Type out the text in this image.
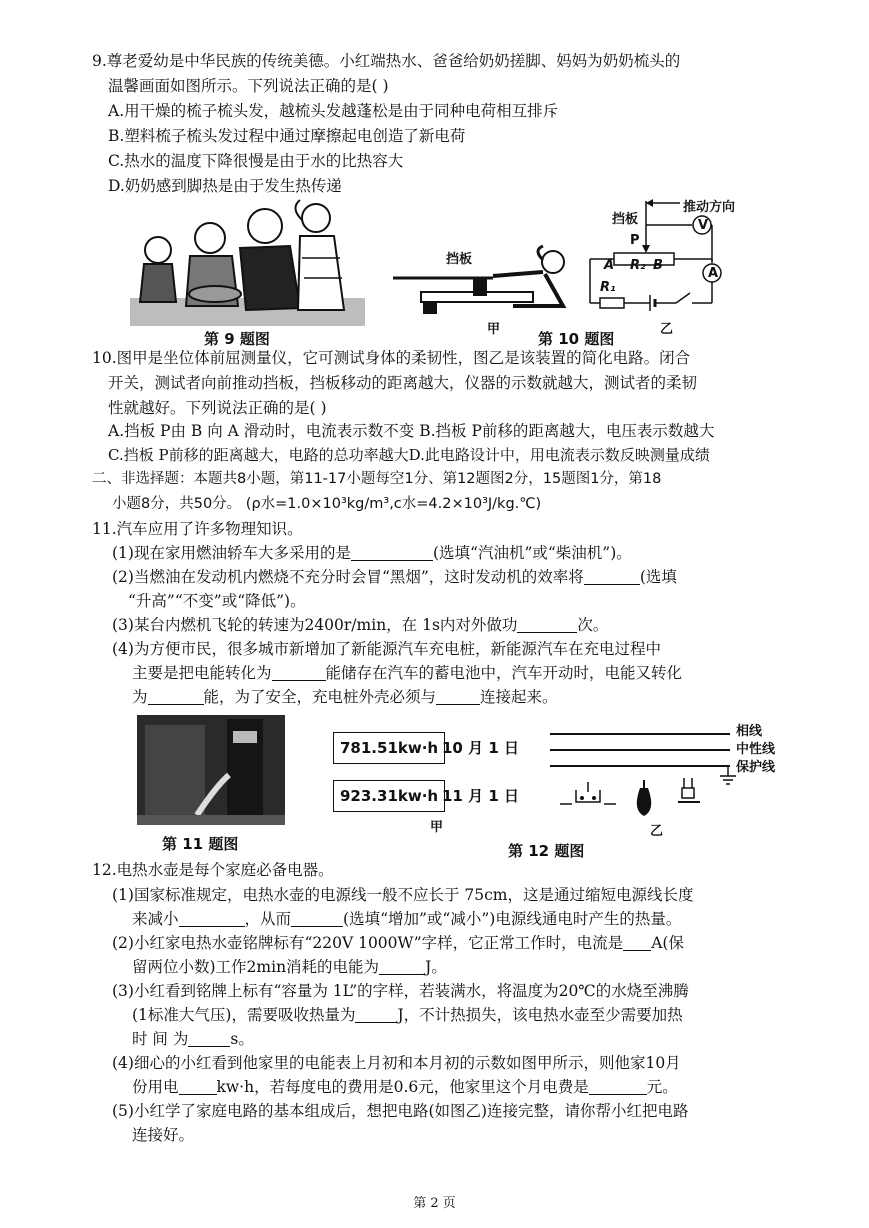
9.尊老爱幼是中华民族的传统美德。小红端热水、爸爸给奶奶搓脚、妈妈为奶奶梳头的
温馨画面如图所示。下列说法正确的是( )
A.用干燥的梳子梳头发，越梳头发越蓬松是由于同种电荷相互排斥
B.塑料梳子梳头发过程中通过摩擦起电创造了新电荷
C.热水的温度下降很慢是由于水的比热容大
D.奶奶感到脚热是由于发生热传递
第 9 题图
挡板
甲
第 10 题图
乙
挡板
推动方向
P
A R₂ B
R₁
V
A
10.图甲是坐位体前屈测量仪，它可测试身体的柔韧性，图乙是该装置的简化电路。闭合
开关，测试者向前推动挡板，挡板移动的距离越大，仪器的示数就越大，测试者的柔韧
性就越好。下列说法正确的是( )
A.挡板 P由 B 向 A 滑动时，电流表示数不变 B.挡板 P前移的距离越大，电压表示数越大
C.挡板 P前移的距离越大，电路的总功率越大D.此电路设计中，用电流表示数反映测量成绩
二、非选择题：本题共8小题，第11-17小题每空1分、第12题图2分，15题图1分，第18
小题8分，共50分。 (ρ水=1.0×10³kg/m³,c水=4.2×10³J/kg.℃)
11.汽车应用了许多物理知识。
(1)现在家用燃油轿车大多采用的是	(选填“汽油机”或“柴油机”)。
(2)当燃油在发动机内燃烧不充分时会冒“黑烟”，这时发动机的效率将	(选填
“升高”“不变”或“降低”)。
(3)某台内燃机飞轮的转速为2400r/min，在 1s内对外做功	次。
(4)为方便市民，很多城市新增加了新能源汽车充电桩，新能源汽车在充电过程中
主要是把电能转化为	能储存在汽车的蓄电池中，汽车开动时，电能又转化
为	能，为了安全，充电桩外壳必须与	连接起来。
第 11 题图
781.51kw·h 10 月 1 日
923.31kw·h 11 月 1 日
甲
相线
中性线
保护线
乙
第 12 题图
12.电热水壶是每个家庭必备电器。
(1)国家标准规定，电热水壶的电源线一般不应长于 75cm，这是通过缩短电源线长度
来减小	，从而	(选填“增加”或“减小”)电源线通电时产生的热量。
(2)小红家电热水壶铭牌标有“220V 1000W”字样，它正常工作时，电流是 A(保
留两位小数)工作2min消耗的电能为	J。
(3)小红看到铭牌上标有“容量为 1L”的字样，若装满水，将温度为20℃的水烧至沸腾
(1标准大气压)，需要吸收热量为	J，不计热损失，该电热水壶至少需要加热
时 间 为	s。
(4)细心的小红看到他家里的电能表上月初和本月初的示数如图甲所示，则他家10月
份用电 kw·h，若每度电的费用是0.6元，他家里这个月电费是	元。
(5)小红学了家庭电路的基本组成后，想把电路(如图乙)连接完整，请你帮小红把电路
连接好。
第 2 页
